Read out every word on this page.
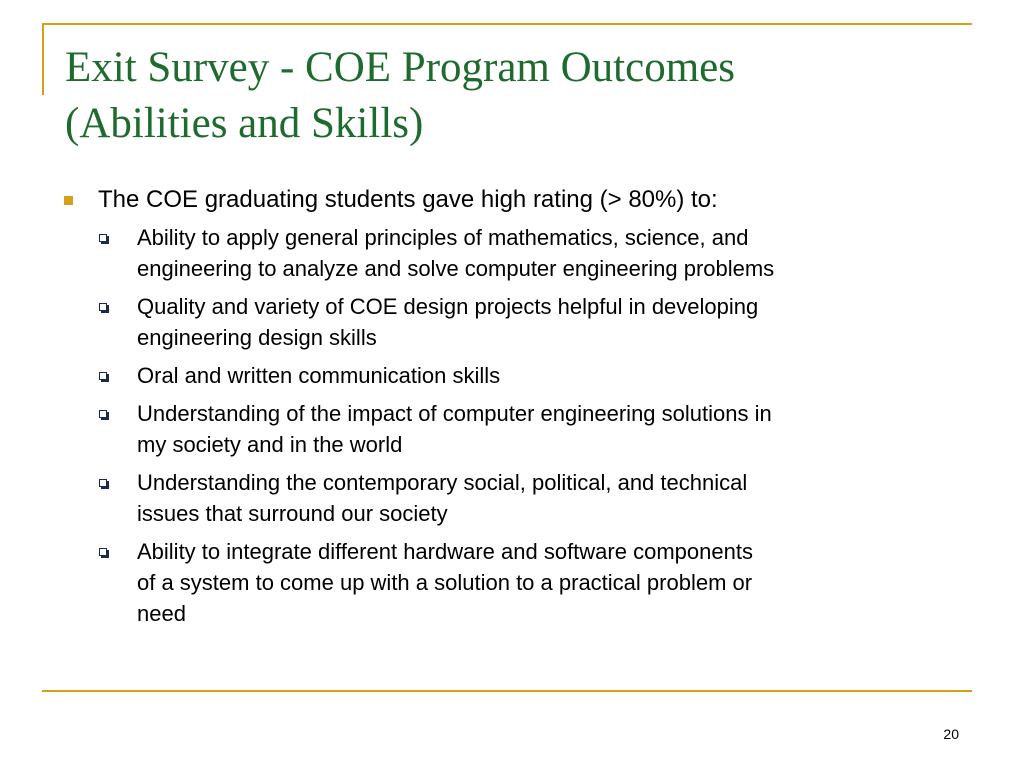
Exit Survey - COE Program Outcomes
(Abilities and Skills)
The COE graduating students gave high rating (> 80%) to:
Ability to apply general principles of mathematics, science, and
engineering to analyze and solve computer engineering problems
Quality and variety of COE design projects helpful in developing
engineering design skills
Oral and written communication skills
Understanding of the impact of computer engineering solutions in
my society and in the world
Understanding the contemporary social, political, and technical
issues that surround our society
Ability to integrate different hardware and software components
of a system to come up with a solution to a practical problem or
need
20
